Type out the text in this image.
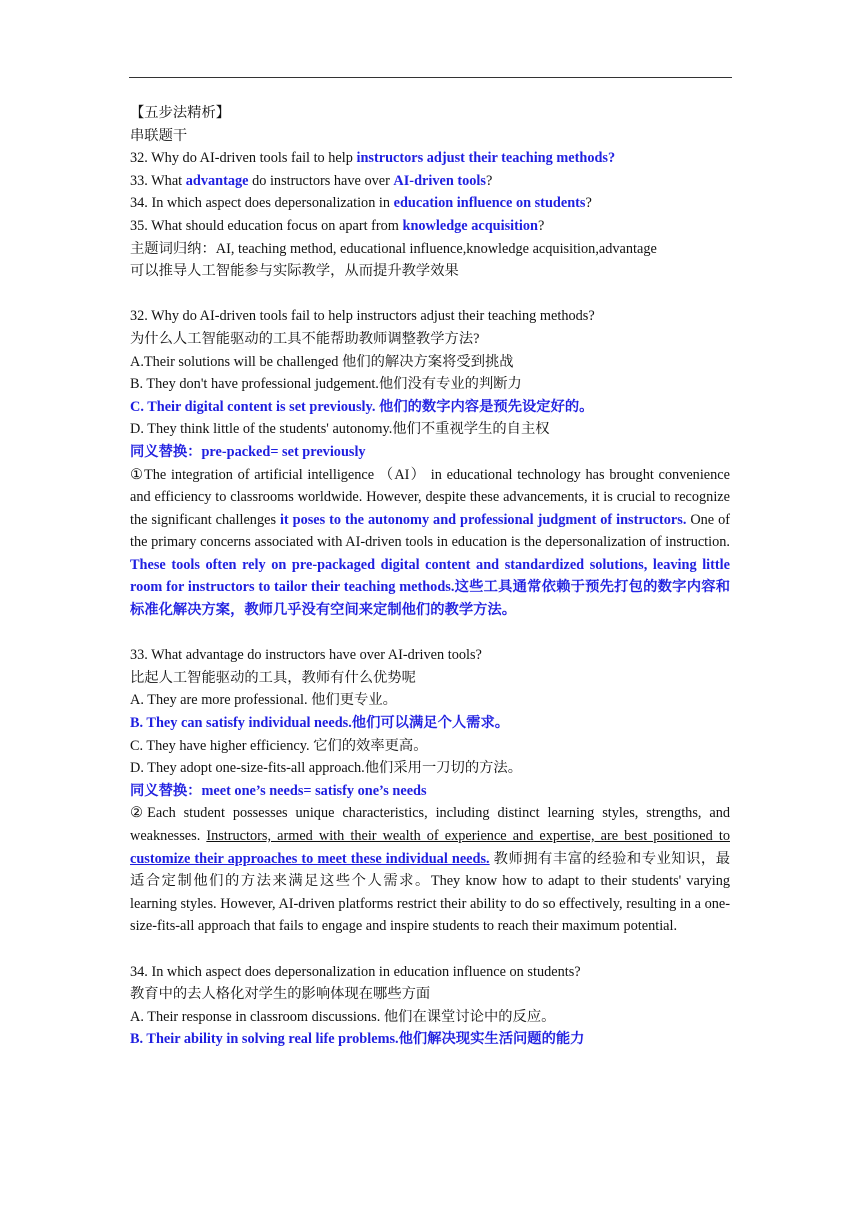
【五步法精析】
串联题干
32. Why do AI-driven tools fail to help instructors adjust their teaching methods?
33. What advantage do instructors have over AI-driven tools?
34. In which aspect does depersonalization in education influence on students?
35. What should education focus on apart from knowledge acquisition?
主题词归纳：AI, teaching method, educational influence,knowledge acquisition,advantage
可以推导人工智能参与实际教学，从而提升教学效果
32. Why do AI-driven tools fail to help instructors adjust their teaching methods?
为什么人工智能驱动的工具不能帮助教师调整教学方法?
A.Their solutions will be challenged 他们的解决方案将受到挑战
B. They don't have professional judgement.他们没有专业的判断力
C. Their digital content is set previously. 他们的数字内容是预先设定好的。
D. They think little of the students' autonomy.他们不重视学生的自主权
同义替换：pre-packed= set previously
①The integration of artificial intelligence （AI） in educational technology has brought convenience and efficiency to classrooms worldwide. However, despite these advancements, it is crucial to recognize the significant challenges it poses to the autonomy and professional judgment of instructors. One of the primary concerns associated with AI-driven tools in education is the depersonalization of instruction. These tools often rely on pre-packaged digital content and standardized solutions, leaving little room for instructors to tailor their teaching methods.这些工具通常依赖于预先打包的数字内容和标准化解决方案，教师几乎没有空间来定制他们的教学方法。
33. What advantage do instructors have over AI-driven tools?
比起人工智能驱动的工具，教师有什么优势呢
A. They are more professional. 他们更专业。
B. They can satisfy individual needs.他们可以满足个人需求。
C. They have higher efficiency. 它们的效率更高。
D. They adopt one-size-fits-all approach.他们采用一刀切的方法。
同义替换：meet one’s needs= satisfy one’s needs
②Each student possesses unique characteristics, including distinct learning styles, strengths, and weaknesses. Instructors, armed with their wealth of experience and expertise, are best positioned to customize their approaches to meet these individual needs. 教师拥有丰富的经验和专业知识，最适合定制他们的方法来满足这些个人需求。They know how to adapt to their students' varying learning styles. However, AI-driven platforms restrict their ability to do so effectively, resulting in a one-size-fits-all approach that fails to engage and inspire students to reach their maximum potential.
34. In which aspect does depersonalization in education influence on students?
教育中的去人格化对学生的影响体现在哪些方面
A. Their response in classroom discussions. 他们在课堂讨论中的反应。
B. Their ability in solving real life problems.他们解决现实生活问题的能力
